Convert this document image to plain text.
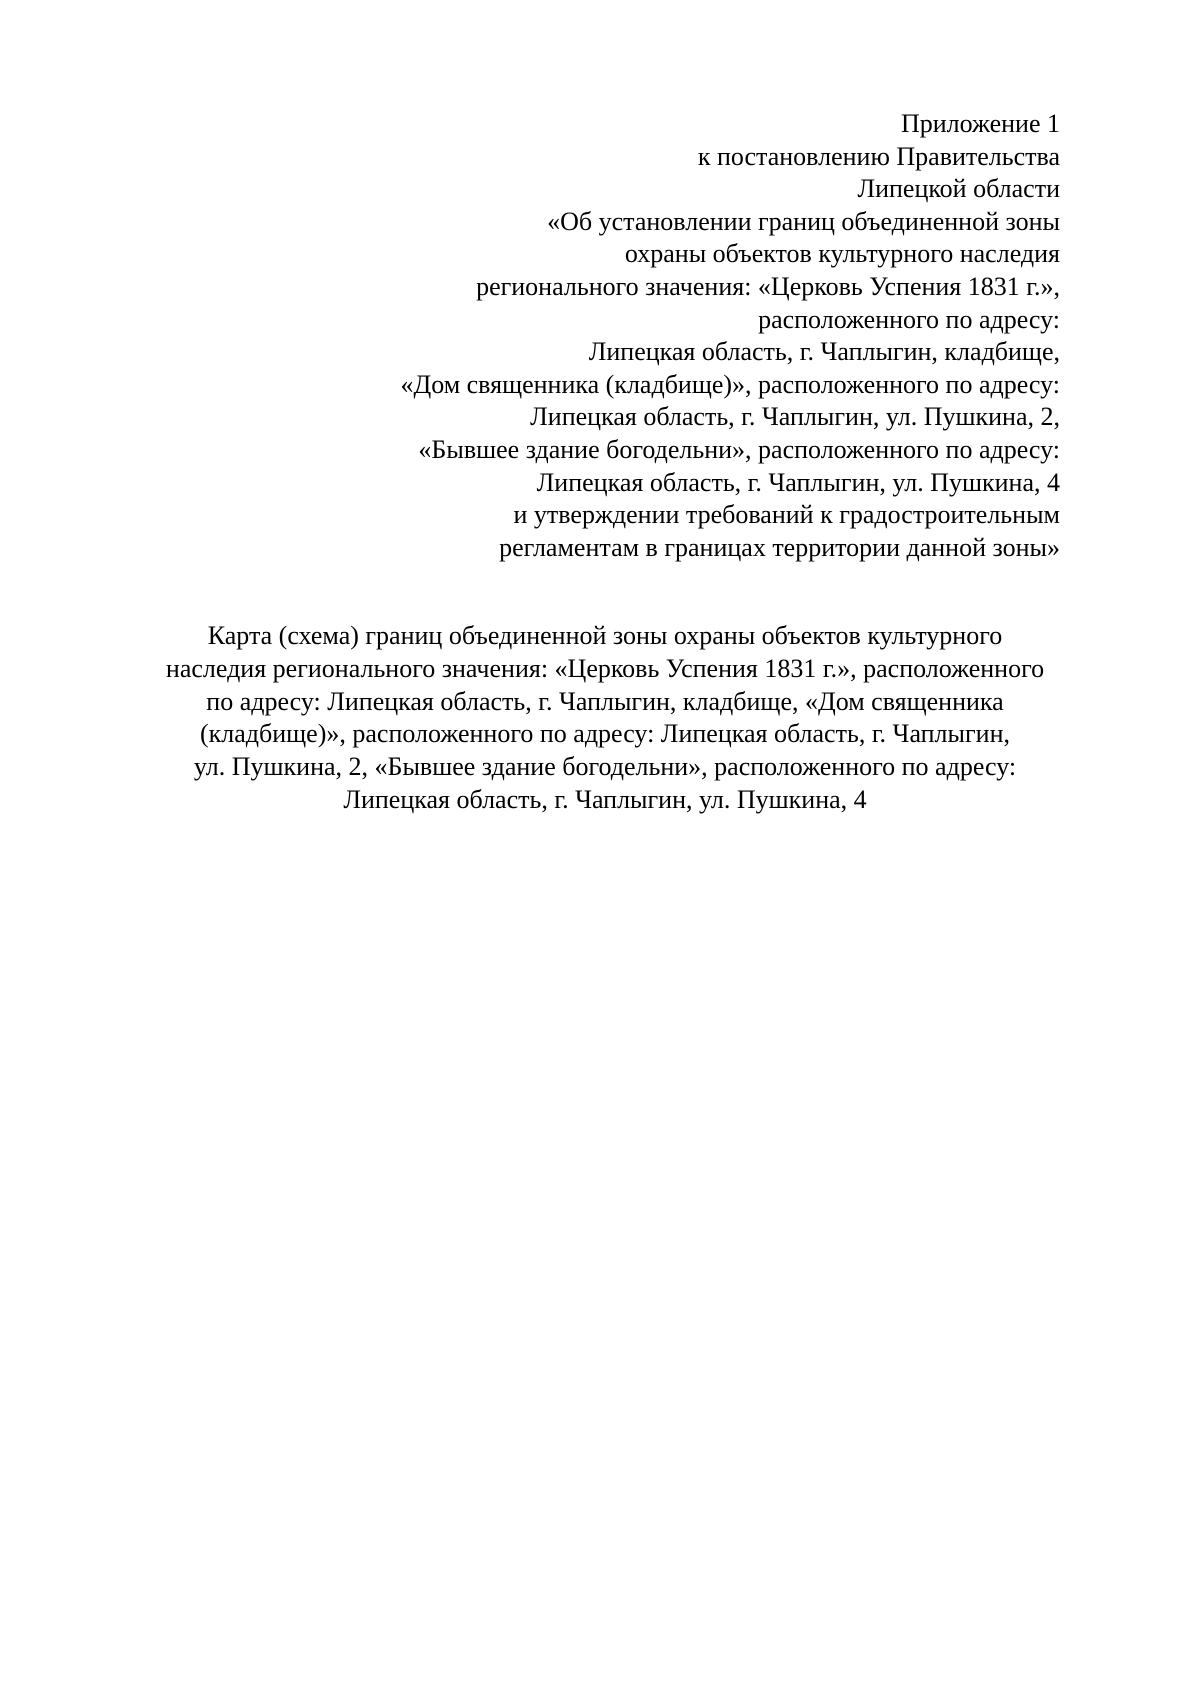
Приложение 1
к постановлению Правительства
Липецкой области
«Об установлении границ объединенной зоны
охраны объектов культурного наследия
регионального значения: «Церковь Успения 1831 г.»,
расположенного по адресу:
Липецкая область, г. Чаплыгин, кладбище,
«Дом священника (кладбище)», расположенного по адресу:
Липецкая область, г. Чаплыгин, ул. Пушкина, 2,
«Бывшее здание богодельни», расположенного по адресу:
Липецкая область, г. Чаплыгин, ул. Пушкина, 4
и утверждении требований к градостроительным
регламентам в границах территории данной зоны»
Карта (схема) границ объединенной зоны охраны объектов культурного
наследия регионального значения: «Церковь Успения 1831 г.», расположенного
по адресу: Липецкая область, г. Чаплыгин, кладбище, «Дом священника
(кладбище)», расположенного по адресу: Липецкая область, г. Чаплыгин,
ул. Пушкина, 2, «Бывшее здание богодельни», расположенного по адресу:
Липецкая область, г. Чаплыгин, ул. Пушкина, 4
